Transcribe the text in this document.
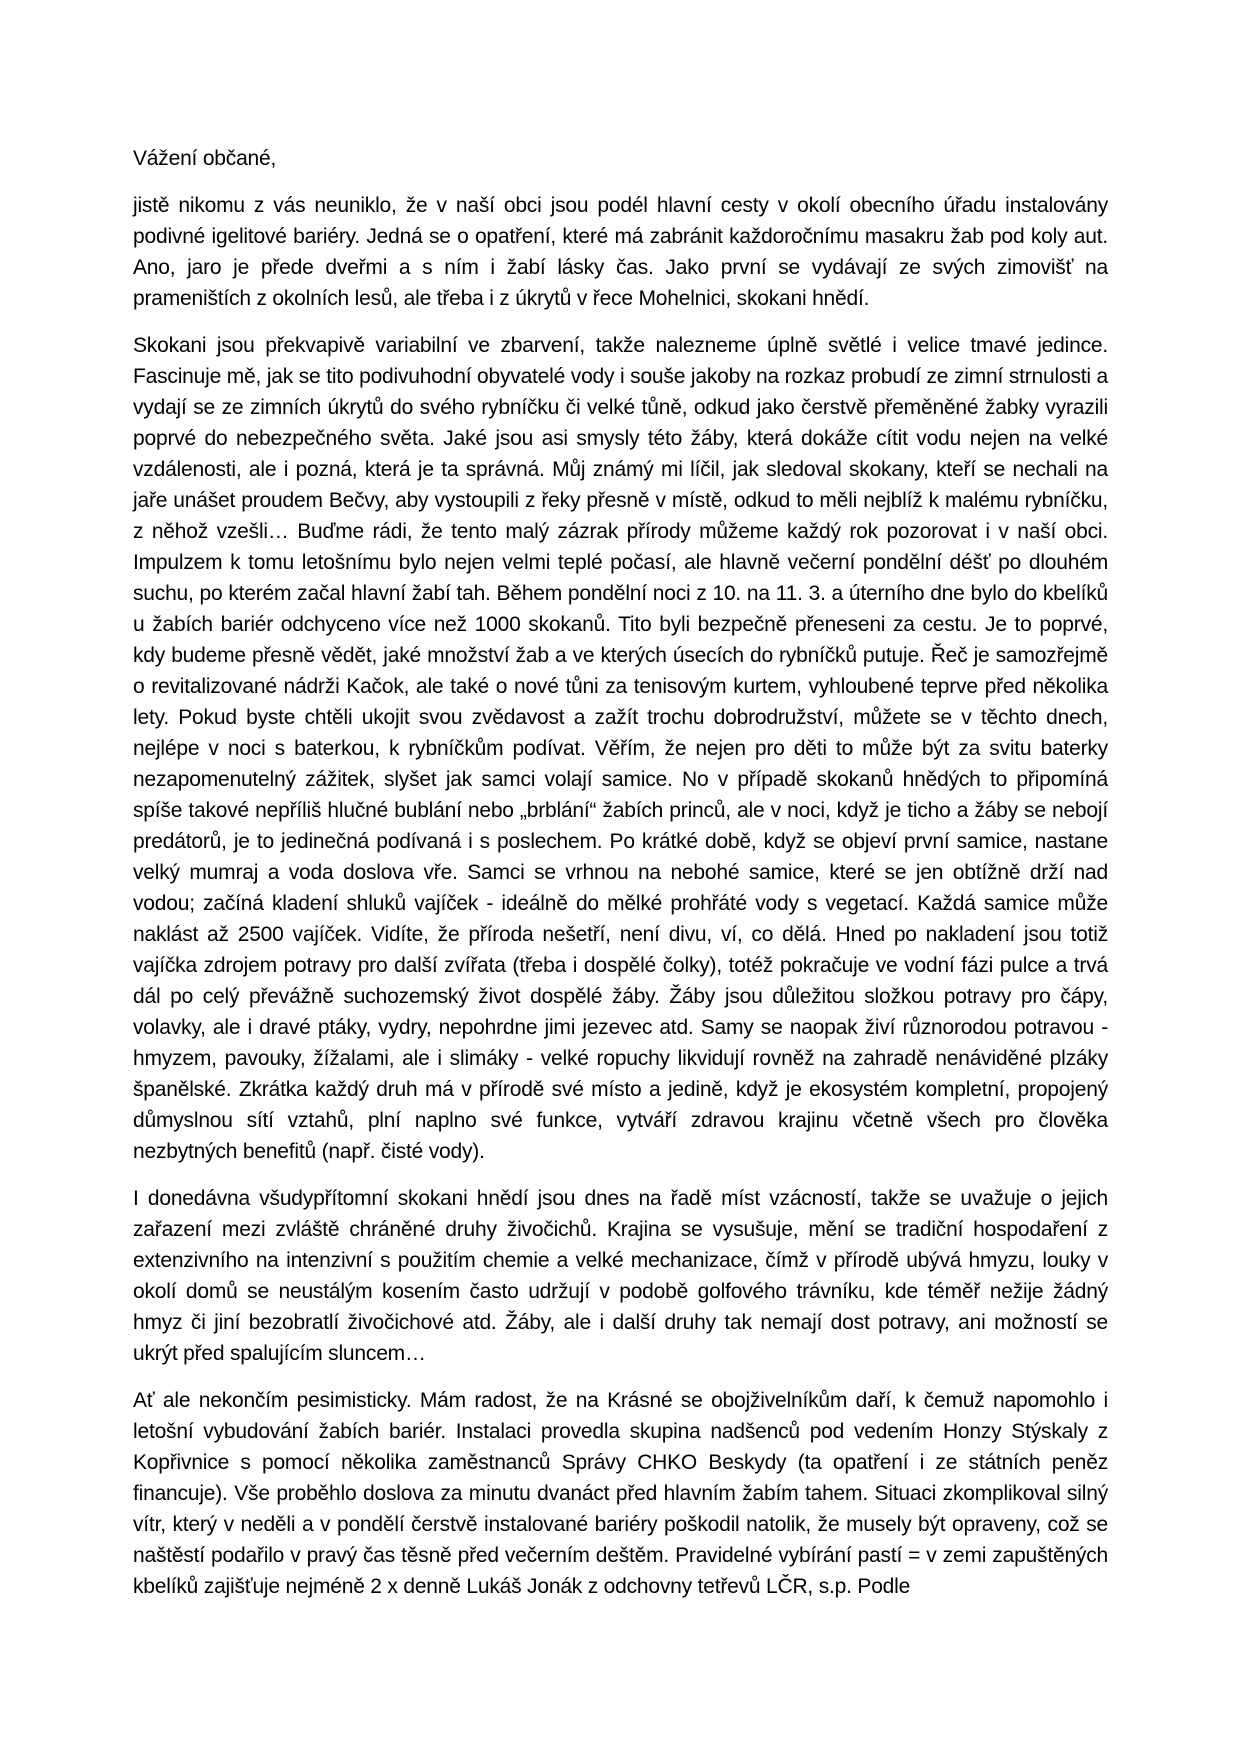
Vážení občané,

jistě nikomu z vás neuniklo, že v naší obci jsou podél hlavní cesty v okolí obecního úřadu instalovány podivné igelitové bariéry. Jedná se o opatření, které má zabránit každoročnímu masakru žab pod koly aut. Ano, jaro je přede dveřmi a s ním i žabí lásky čas. Jako první se vydávají ze svých zimovišť na prameništích z okolních lesů, ale třeba i z úkrytů v řece Mohelnici, skokani hnědí.

Skokani jsou překvapivě variabilní ve zbarvení, takže nalezneme úplně světlé i velice tmavé jedince. Fascinuje mě, jak se tito podivuhodní obyvatelé vody i souše jakoby na rozkaz probudí ze zimní strnulosti a vydají se ze zimních úkrytů do svého rybníčku či velké tůně, odkud jako čerstvě přeměněné žabky vyrazili poprvé do nebezpečného světa. Jaké jsou asi smysly této žáby, která dokáže cítit vodu nejen na velké vzdálenosti, ale i pozná, která je ta správná. Můj známý mi líčil, jak sledoval skokany, kteří se nechali na jaře unášet proudem Bečvy, aby vystoupili z řeky přesně v místě, odkud to měli nejblíž k malému rybníčku, z něhož vzešli… Buďme rádi, že tento malý zázrak přírody můžeme každý rok pozorovat i v naší obci. Impulzem k tomu letošnímu bylo nejen velmi teplé počasí, ale hlavně večerní pondělní déšť po dlouhém suchu, po kterém začal hlavní žabí tah. Během pondělní noci z 10. na 11. 3. a úterního dne bylo do kbelíků u žabích bariér odchyceno více než 1000 skokanů. Tito byli bezpečně přeneseni za cestu. Je to poprvé, kdy budeme přesně vědět, jaké množství žab a ve kterých úsecích do rybníčků putuje. Řeč je samozřejmě o revitalizované nádrži Kačok, ale také o nové tůni za tenisovým kurtem, vyhloubené teprve před několika lety. Pokud byste chtěli ukojit svou zvědavost a zažít trochu dobrodružství, můžete se v těchto dnech, nejlépe v noci s baterkou, k rybníčkům podívat. Věřím, že nejen pro děti to může být za svitu baterky nezapomenutelný zážitek, slyšet jak samci volají samice. No v případě skokanů hnědých to připomíná spíše takové nepříliš hlučné bublání nebo „brblání“ žabích princů, ale v noci, když je ticho a žáby se nebojí predátorů, je to jedinečná podívaná i s poslechem. Po krátké době, když se objeví první samice, nastane velký mumraj a voda doslova vře. Samci se vrhnou na nebohé samice, které se jen obtížně drží nad vodou; začíná kladení shluků vajíček - ideálně do mělké prohřáté vody s vegetací. Každá samice může naklást až 2500 vajíček. Vidíte, že příroda nešetří, není divu, ví, co dělá. Hned po nakladení jsou totiž vajíčka zdrojem potravy pro další zvířata (třeba i dospělé čolky), totéž pokračuje ve vodní fázi pulce a trvá dál po celý převážně suchozemský život dospělé žáby. Žáby jsou důležitou složkou potravy pro čápy, volavky, ale i dravé ptáky, vydry, nepohrdne jimi jezevec atd. Samy se naopak živí různorodou potravou - hmyzem, pavouky, žížalami, ale i slimáky - velké ropuchy likvidují rovněž na zahradě nenáviděné plzáky španělské. Zkrátka každý druh má v přírodě své místo a jedině, když je ekosystém kompletní, propojený důmyslnou sítí vztahů, plní naplno své funkce, vytváří zdravou krajinu včetně všech pro člověka nezbytných benefitů (např. čisté vody).

I donedávna všudypřítomní skokani hnědí jsou dnes na řadě míst vzácností, takže se uvažuje o jejich zařazení mezi zvláště chráněné druhy živočichů. Krajina se vysušuje, mění se tradiční hospodaření z extenzivního na intenzivní s použitím chemie a velké mechanizace, čímž v přírodě ubývá hmyzu, louky v okolí domů se neustálým kosením často udržují v podobě golfového trávníku, kde téměř nežije žádný hmyz či jiní bezobratlí živočichové atd. Žáby, ale i další druhy tak nemají dost potravy, ani možností se ukrýt před spalujícím sluncem…

Ať ale nekončím pesimisticky. Mám radost, že na Krásné se obojživelníkům daří, k čemuž napomohlo i letošní vybudování žabích bariér. Instalaci provedla skupina nadšenců pod vedením Honzy Stýskaly z Kopřivnice s pomocí několika zaměstnanců Správy CHKO Beskydy (ta opatření i ze státních peněz financuje). Vše proběhlo doslova za minutu dvanáct před hlavním žabím tahem. Situaci zkomplikoval silný vítr, který v neděli a v pondělí čerstvě instalované bariéry poškodil natolik, že musely být opraveny, což se naštěstí podařilo v pravý čas těsně před večerním deštěm. Pravidelné vybírání pastí = v zemi zapuštěných kbelíků zajišťuje nejméně 2 x denně Lukáš Jonák z odchovny tetřevů LČR, s.p. Podle
